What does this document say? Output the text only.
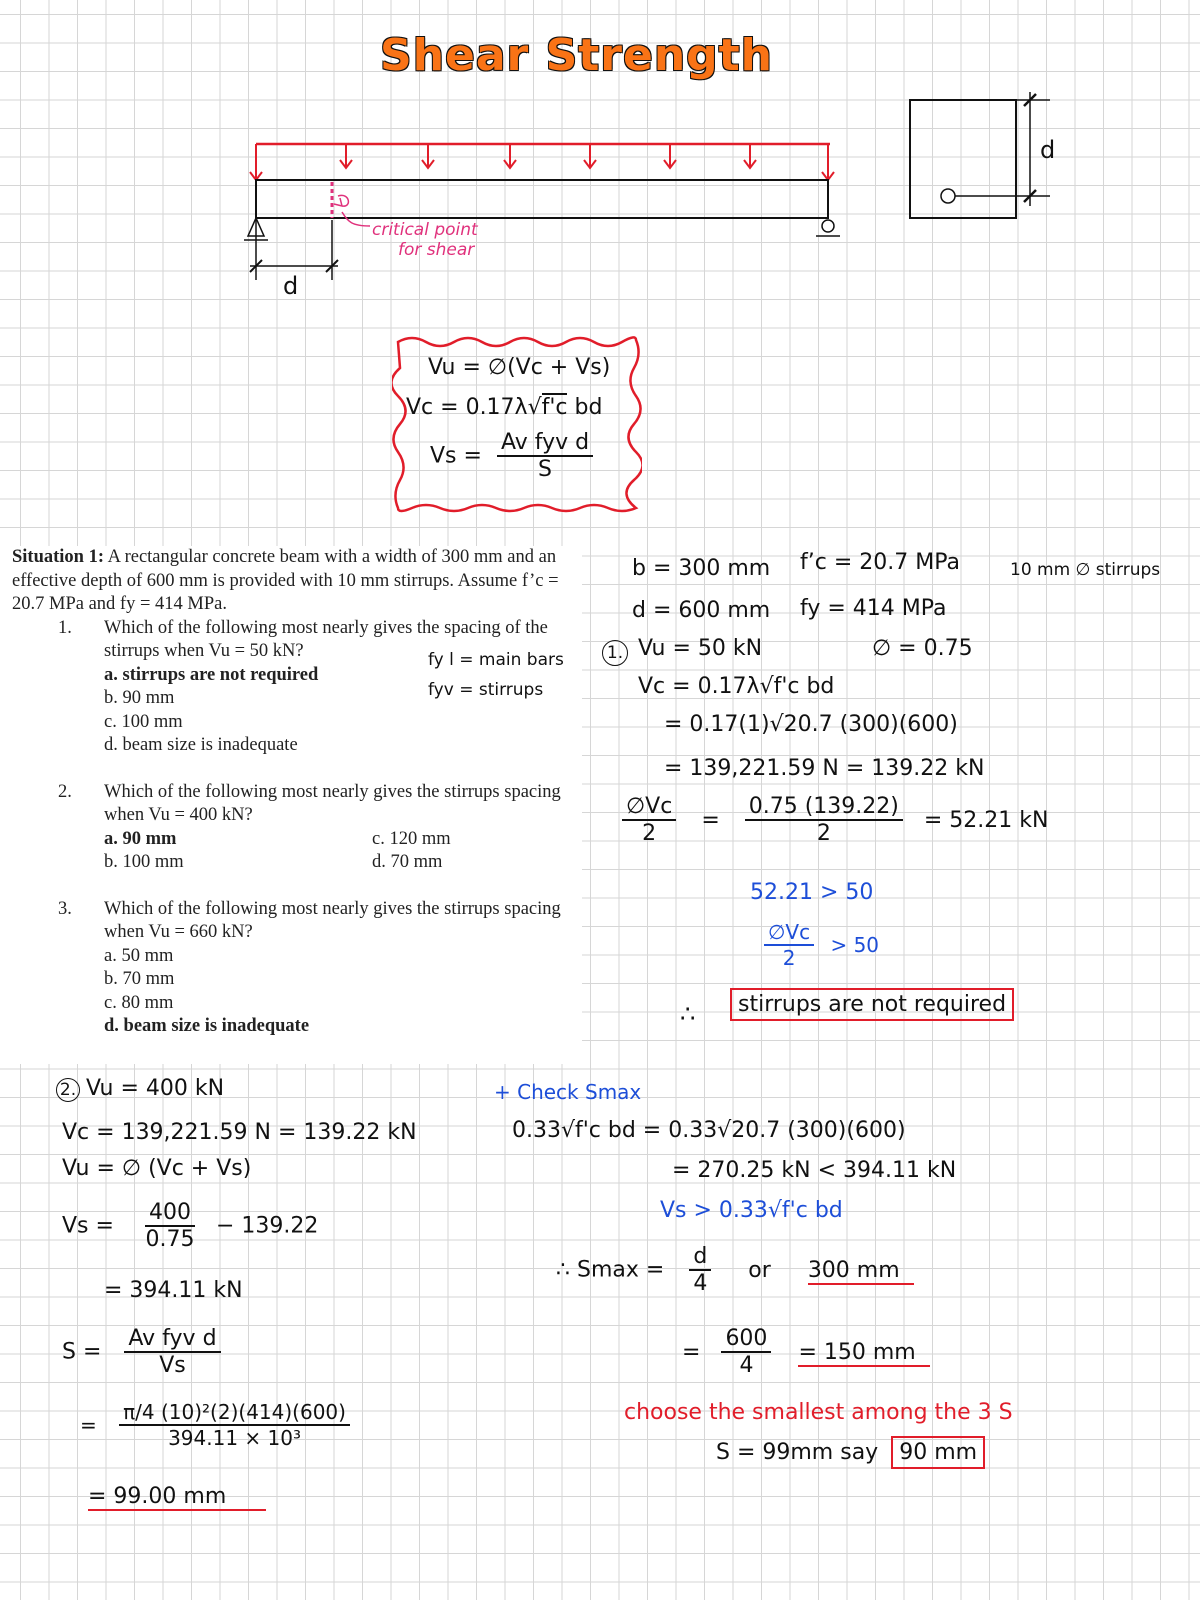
Shear Strength
critical point
for shear
d
d
Vu = ∅(Vc + Vs)
Vc = 0.17λ√f'c bd
$Vs = \frac{\text{Av fyv d}}{S}$

Situation 1: A rectangular concrete beam with a width of 300 mm and an effective depth of 600 mm is provided with 10 mm stirrups. Assume f’c = 20.7 MPa and fy = 414 MPa.

1. Which of the following most nearly gives the spacing of the stirrups when Vu = 50 kN?

a. stirrups are not required

b. 90 mm

c. 100 mm

d. beam size is inadequate

2. Which of the following most nearly gives the stirrups spacing when Vu = 400 kN?

a. 90 mm

b. 100 mm

c. 120 mm

d. 70 mm

3. Which of the following most nearly gives the stirrups spacing when Vu = 660 kN?

a. 50 mm

b. 70 mm

c. 80 mm

d. beam size is inadequate

fy l = main bars
fyv = stirrups
b = 300 mm f’c = 20.7 MPa	10 mm ∅ stirrups
d = 600 mm fy = 414 MPa
∅ = 0.75
1. Vu = 50 kN
Vc = 0.17λ√f'c bd
= 0.17(1)√20.7 (300)(600)
= 139,221.59 N = 139.22 kN
$\frac{\emptyset Vc}{2} = \frac{0.75 (139.22)}{2} = 52.21$ kN
52.21 > 50
$\frac{\emptyset Vc}{2} > 50$
∴	stirrups are not required
2. Vu = 400 kN
Vc = 139,221.59 N = 139.22 kN
Vu = ∅ (Vc + Vs)
$Vs = \frac{400}{0.75} - 139.22$
= 394.11 kN
$S = \frac{\text{Av fyv d}}{Vs}$
= $\frac{\text{π/4 (10)²(2)(414)(600)}}{\text{394.11 × 10³}}$
= 99.00 mm
+ Check Smax
0.33√f'c bd = 0.33√20.7 (300)(600)
= 270.25 kN < 394.11 kN
Vs > 0.33√f'c bd
∴ $Smax = \frac{d}{4}$ or 300 mm
= $\frac{600}{4} = 150$ mm
choose the smallest among the 3 S
S = 99mm say 90 mm
